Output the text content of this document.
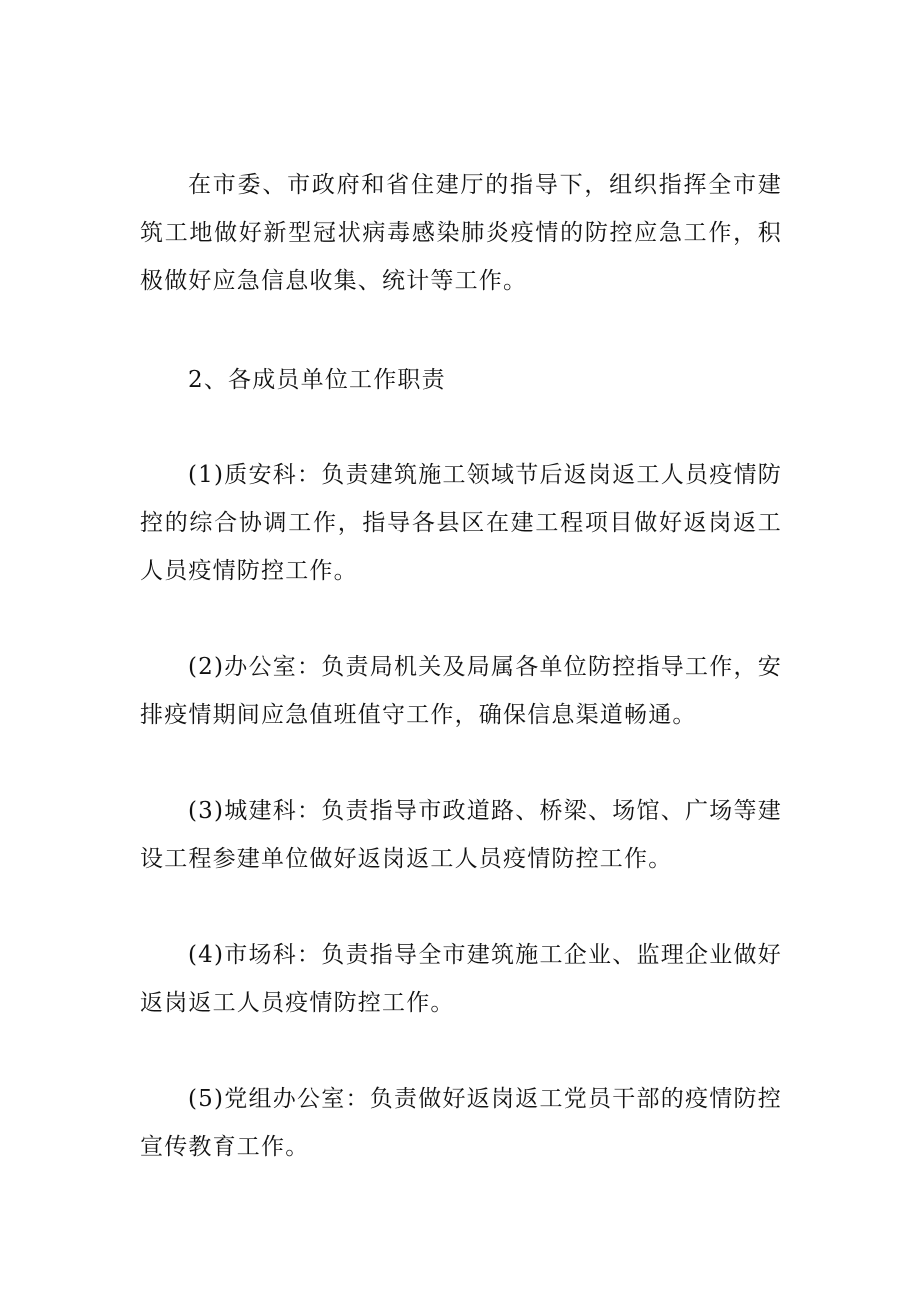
在市委、市政府和省住建厅的指导下，组织指挥全市建筑工地做好新型冠状病毒感染肺炎疫情的防控应急工作，积极做好应急信息收集、统计等工作。

2、各成员单位工作职责

(1)质安科：负责建筑施工领域节后返岗返工人员疫情防控的综合协调工作，指导各县区在建工程项目做好返岗返工人员疫情防控工作。

(2)办公室：负责局机关及局属各单位防控指导工作，安排疫情期间应急值班值守工作，确保信息渠道畅通。

(3)城建科：负责指导市政道路、桥梁、场馆、广场等建设工程参建单位做好返岗返工人员疫情防控工作。

(4)市场科：负责指导全市建筑施工企业、监理企业做好返岗返工人员疫情防控工作。

(5)党组办公室：负责做好返岗返工党员干部的疫情防控宣传教育工作。
